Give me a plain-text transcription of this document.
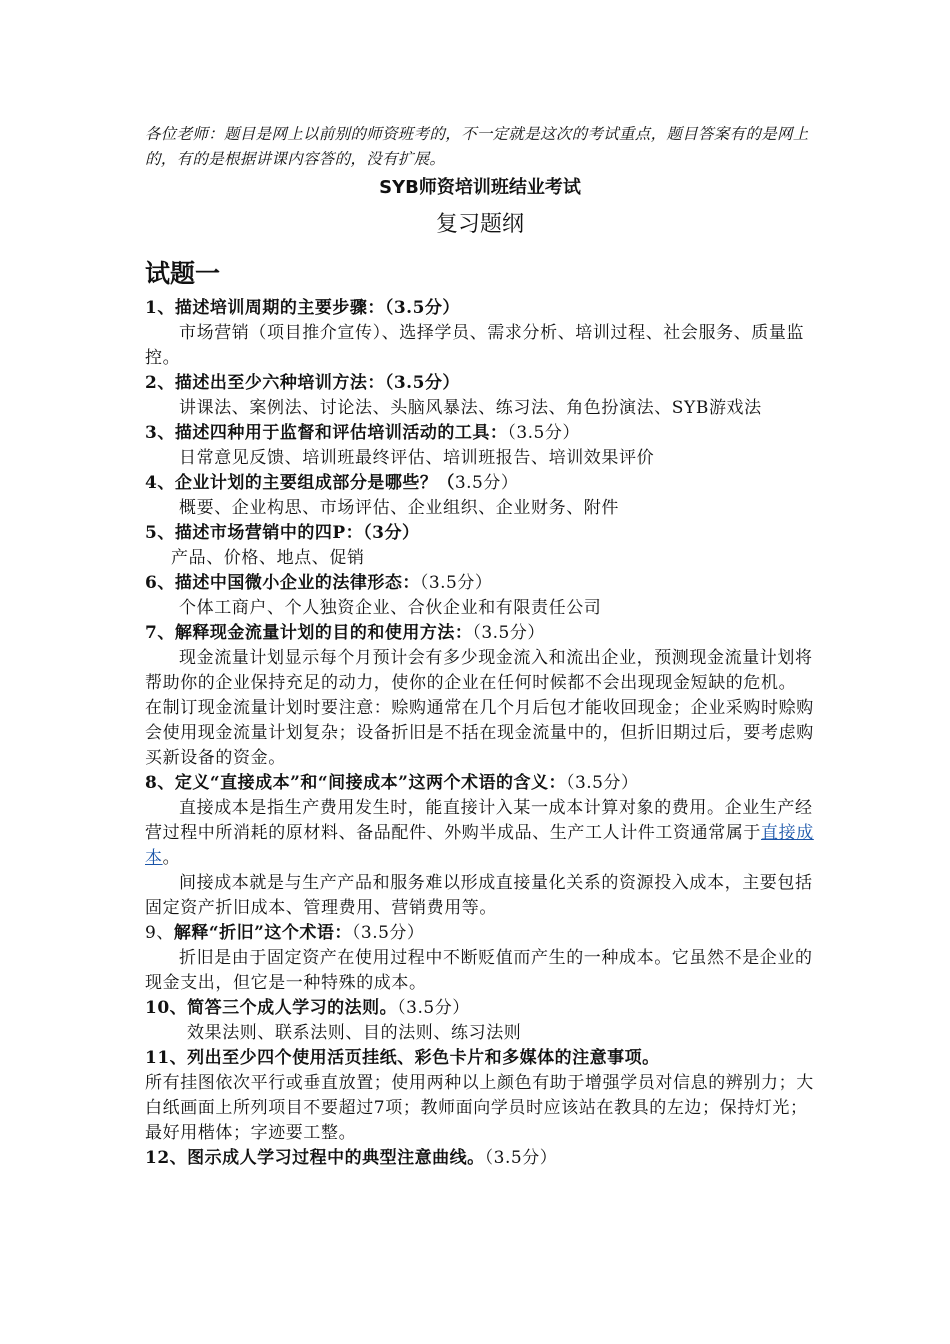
各位老师：题目是网上以前别的师资班考的，不一定就是这次的考试重点，题目答案有的是网上的，有的是根据讲课内容答的，没有扩展。

SYB师资培训班结业考试

复习题纲

试题一

1、描述培训周期的主要步骤：（3.5分）

市场营销（项目推介宣传）、选择学员、需求分析、培训过程、社会服务、质量监控。

2、描述出至少六种培训方法：（3.5分）

讲课法、案例法、讨论法、头脑风暴法、练习法、角色扮演法、SYB游戏法

3、描述四种用于监督和评估培训活动的工具：（3.5分）

日常意见反馈、培训班最终评估、培训班报告、培训效果评价

4、企业计划的主要组成部分是哪些？（3.5分）

概要、企业构思、市场评估、企业组织、企业财务、附件

5、描述市场营销中的四P：（3分）

产品、价格、地点、促销

6、描述中国微小企业的法律形态：（3.5分）

个体工商户、个人独资企业、合伙企业和有限责任公司

7、解释现金流量计划的目的和使用方法：（3.5分）

现金流量计划显示每个月预计会有多少现金流入和流出企业，预测现金流量计划将帮助你的企业保持充足的动力，使你的企业在任何时候都不会出现现金短缺的危机。

在制订现金流量计划时要注意：赊购通常在几个月后包才能收回现金；企业采购时赊购会使用现金流量计划复杂；设备折旧是不括在现金流量中的，但折旧期过后，要考虑购买新设备的资金。

8、定义“直接成本”和“间接成本”这两个术语的含义：（3.5分）

直接成本是指生产费用发生时，能直接计入某一成本计算对象的费用。企业生产经营过程中所消耗的原材料、备品配件、外购半成品、生产工人计件工资通常属于直接成本。

间接成本就是与生产产品和服务难以形成直接量化关系的资源投入成本，主要包括固定资产折旧成本、管理费用、营销费用等。

9、解释“折旧”这个术语：（3.5分）

折旧是由于固定资产在使用过程中不断贬值而产生的一种成本。它虽然不是企业的现金支出，但它是一种特殊的成本。

10、简答三个成人学习的法则。（3.5分）

效果法则、联系法则、目的法则、练习法则

11、列出至少四个使用活页挂纸、彩色卡片和多媒体的注意事项。

所有挂图依次平行或垂直放置；使用两种以上颜色有助于增强学员对信息的辨别力；大白纸画面上所列项目不要超过7项；教师面向学员时应该站在教具的左边；保持灯光；最好用楷体；字迹要工整。

12、图示成人学习过程中的典型注意曲线。（3.5分）
